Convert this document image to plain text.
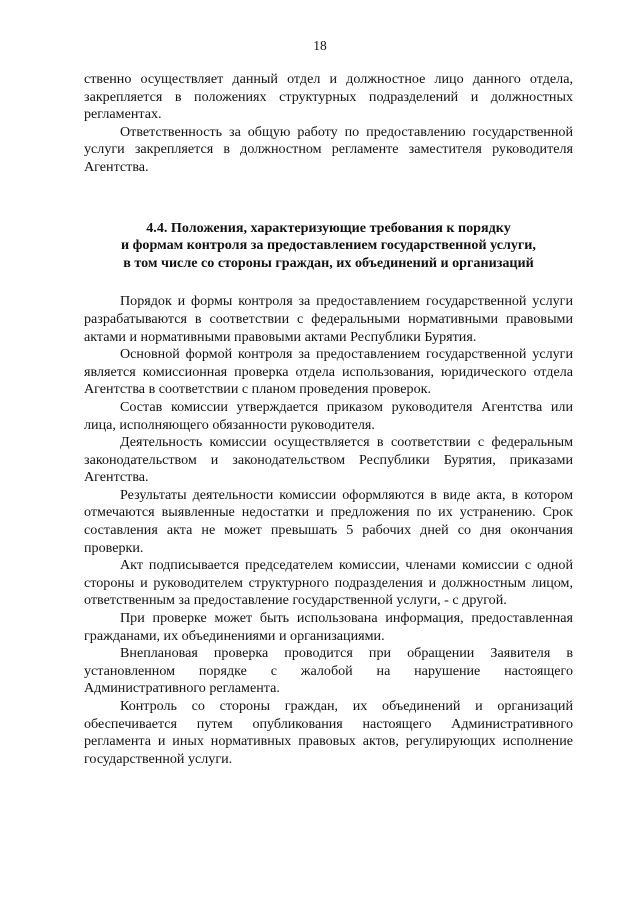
18

ственно осуществляет данный отдел и должностное лицо данного отдела, закрепляется в положениях структурных подразделений и должностных регламентах.

Ответственность за общую работу по предоставлению государственной услуги закрепляется в должностном регламенте заместителя руководителя Агентства.

4.4. Положения, характеризующие требования к порядку
и формам контроля за предоставлением государственной услуги,
в том числе со стороны граждан, их объединений и организаций

Порядок и формы контроля за предоставлением государственной услуги разрабатываются в соответствии с федеральными нормативными правовыми актами и нормативными правовыми актами Республики Бурятия.

Основной формой контроля за предоставлением государственной услуги является комиссионная проверка отдела использования, юридического отдела Агентства в соответствии с планом проведения проверок.

Состав комиссии утверждается приказом руководителя Агентства или лица, исполняющего обязанности руководителя.

Деятельность комиссии осуществляется в соответствии с федеральным законодательством и законодательством Республики Бурятия, приказами Агентства.

Результаты деятельности комиссии оформляются в виде акта, в котором отмечаются выявленные недостатки и предложения по их устранению. Срок составления акта не может превышать 5 рабочих дней со дня окончания проверки.

Акт подписывается председателем комиссии, членами комиссии с одной стороны и руководителем структурного подразделения и должностным лицом, ответственным за предоставление государственной услуги, - с другой.

При проверке может быть использована информация, предоставленная гражданами, их объединениями и организациями.

Внеплановая проверка проводится при обращении Заявителя в установленном порядке с жалобой на нарушение настоящего Административного регламента.

Контроль со стороны граждан, их объединений и организаций обеспечивается путем опубликования настоящего Административного регламента и иных нормативных правовых актов, регулирующих исполнение государственной услуги.
